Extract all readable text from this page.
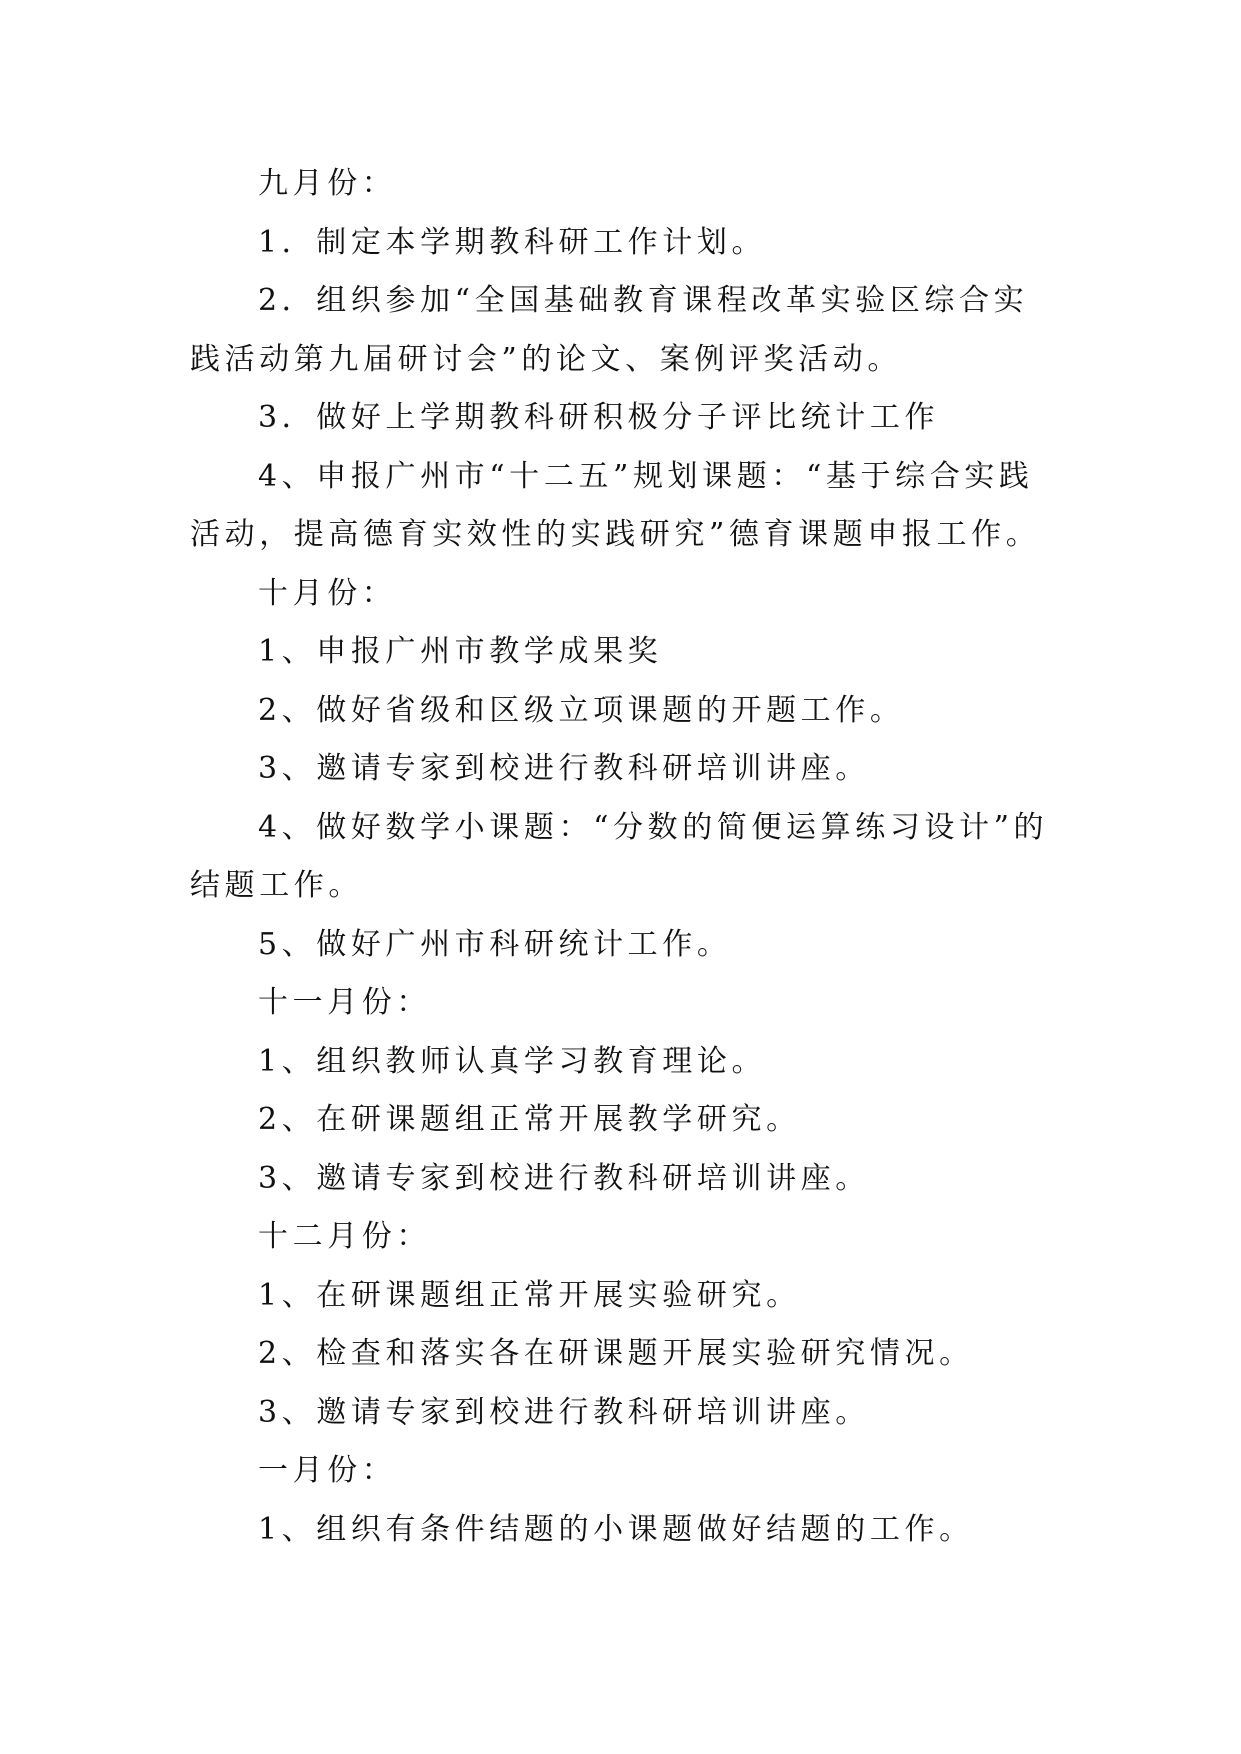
九月份：

1．制定本学期教科研工作计划。

2．组织参加“全国基础教育课程改革实验区综合实践活动第九届研讨会”的论文、案例评奖活动。

3．做好上学期教科研积极分子评比统计工作

4、申报广州市“十二五”规划课题：“基于综合实践活动，提高德育实效性的实践研究”德育课题申报工作。

十月份：

1、申报广州市教学成果奖

2、做好省级和区级立项课题的开题工作。

3、邀请专家到校进行教科研培训讲座。

4、做好数学小课题：“分数的简便运算练习设计”的结题工作。

5、做好广州市科研统计工作。

十一月份：

1、组织教师认真学习教育理论。

2、在研课题组正常开展教学研究。

3、邀请专家到校进行教科研培训讲座。

十二月份：

1、在研课题组正常开展实验研究。

2、检查和落实各在研课题开展实验研究情况。

3、邀请专家到校进行教科研培训讲座。

一月份：

1、组织有条件结题的小课题做好结题的工作。
